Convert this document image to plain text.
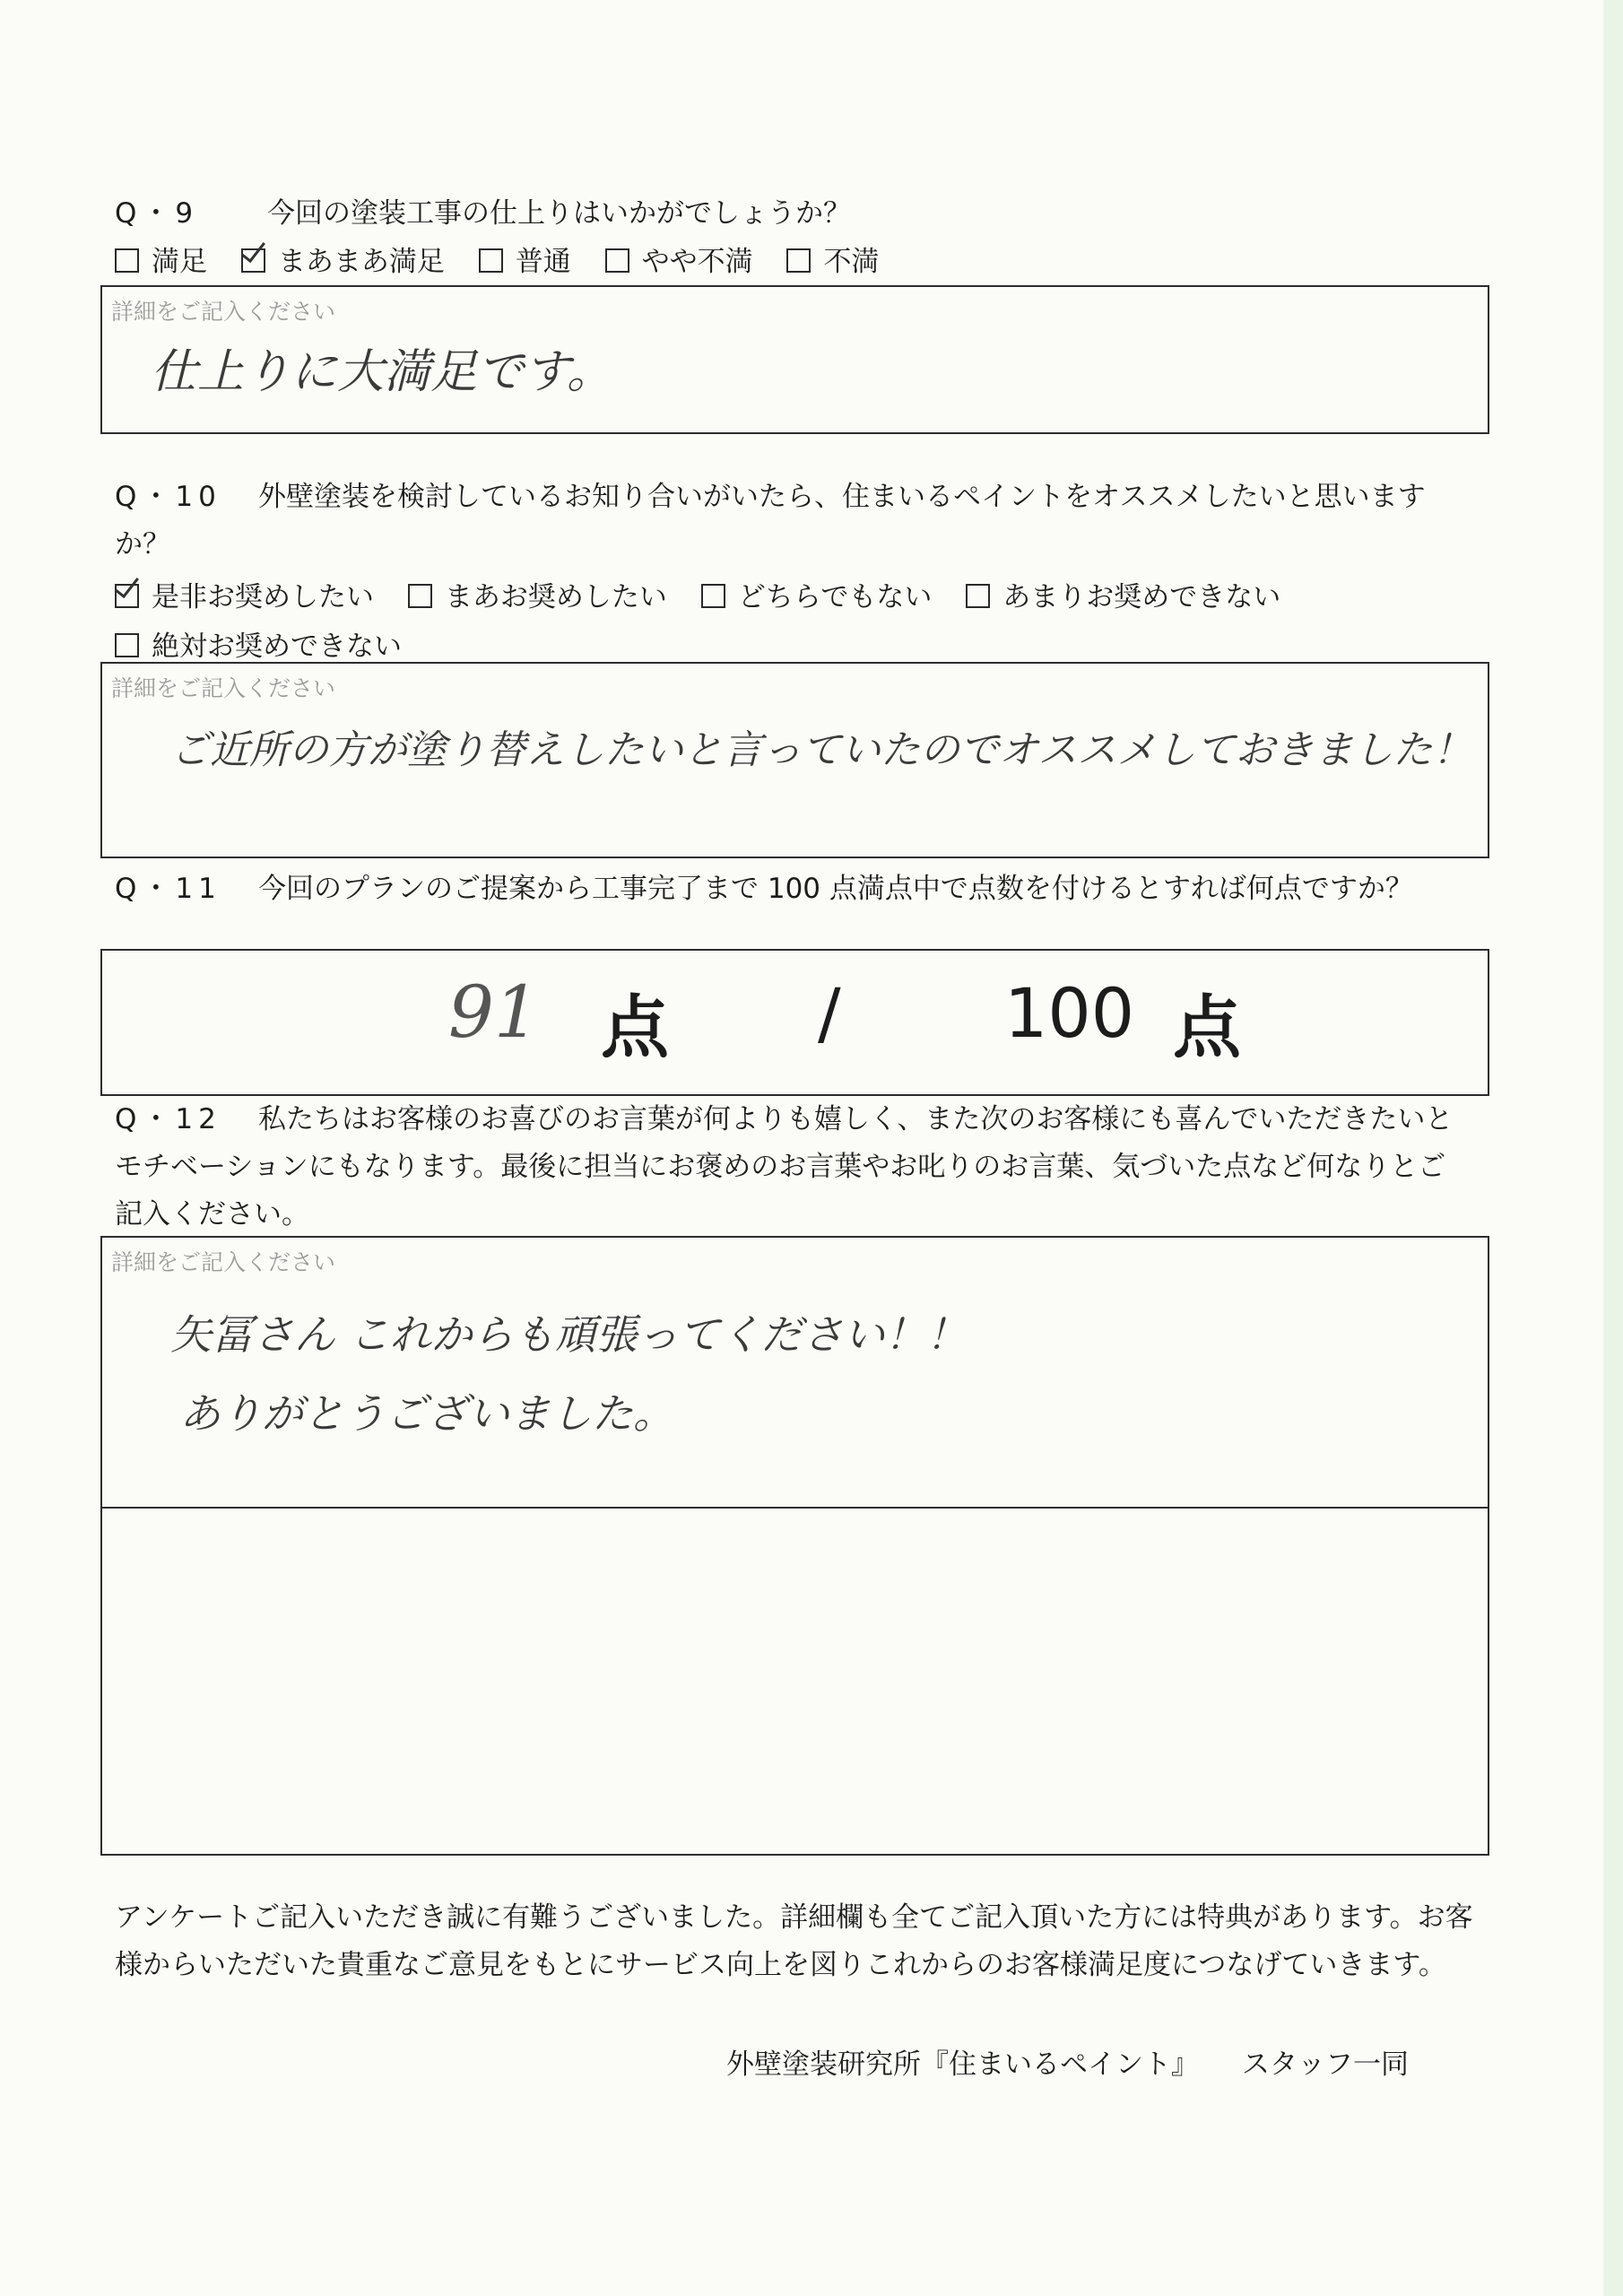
Q・9 今回の塗装工事の仕上りはいかがでしょうか？
満足	まあまあ満足	普通	やや不満	不満
詳細をご記入ください
仕上りに大満足です。
Q・10 外壁塗装を検討しているお知り合いがいたら、住まいるペイントをオススメしたいと思いますか？
是非お奨めしたい	まあお奨めしたい	どちらでもない	あまりお奨めできない
絶対お奨めできない
詳細をご記入ください
ご近所の方が塗り替えしたいと言っていたのでオススメしておきました！
Q・11 今回のプランのご提案から工事完了まで 100 点満点中で点数を付けるとすれば何点ですか？
91 点 / 100 点
Q・12 私たちはお客様のお喜びのお言葉が何よりも嬉しく、また次のお客様にも喜んでいただきたいとモチベーションにもなります。最後に担当にお褒めのお言葉やお叱りのお言葉、気づいた点など何なりとご記入ください。
詳細をご記入ください
矢冨さん これからも頑張ってください！！
ありがとうございました。
アンケートご記入いただき誠に有難うございました。詳細欄も全てご記入頂いた方には特典があります。お客様からいただいた貴重なご意見をもとにサービス向上を図りこれからのお客様満足度につなげていきます。
外壁塗装研究所『住まいるペイント』 スタッフ一同
